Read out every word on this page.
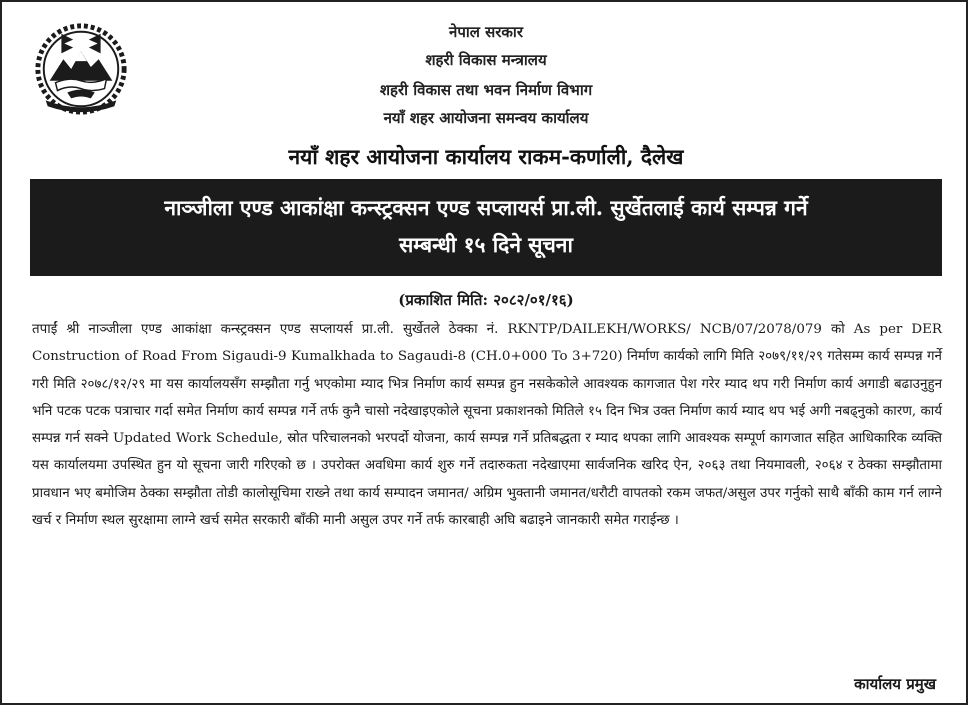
नेपाल सरकार
शहरी विकास मन्त्रालय
शहरी विकास तथा भवन निर्माण विभाग
नयाँ शहर आयोजना समन्वय कार्यालय
नयाँ शहर आयोजना कार्यालय राकम-कर्णाली, दैलेख
नाञ्जीला एण्ड आकांक्षा कन्स्ट्रक्सन एण्ड सप्लायर्स प्रा.ली. सुर्खेतलाई कार्य सम्पन्न गर्ने
सम्बन्धी १५ दिने सूचना
(प्रकाशित मिति: २०८२/०१/१६)
तपाईं श्री नाञ्जीला एण्ड आकांक्षा कन्स्ट्रक्सन एण्ड सप्लायर्स प्रा.ली. सुर्खेतले ठेक्का नं. RKNTP/DAILEKH/WORKS/ NCB/07/2078/079 को As per DER Construction of Road From Sigaudi-9 Kumalkhada to Sagaudi-8 (CH.0+000 To 3+720) निर्माण कार्यको लागि मिति २०७९/११/२९ गतेसम्म कार्य सम्पन्न गर्ने गरी मिति २०७८/१२/२९ मा यस कार्यालयसँग सम्झौता गर्नु भएकोमा म्याद भित्र निर्माण कार्य सम्पन्न हुन नसकेकोले आवश्यक कागजात पेश गरेर म्याद थप गरी निर्माण कार्य अगाडी बढाउनुहुन भनि पटक पटक पत्राचार गर्दा समेत निर्माण कार्य सम्पन्न गर्ने तर्फ कुनै चासो नदेखाइएकोले सूचना प्रकाशनको मितिले १५ दिन भित्र उक्त निर्माण कार्य म्याद थप भई अगी नबढ्नुको कारण, कार्य सम्पन्न गर्न सक्ने Updated Work Schedule, स्रोत परिचालनको भरपर्दो योजना, कार्य सम्पन्न गर्ने प्रतिबद्धता र म्याद थपका लागि आवश्यक सम्पूर्ण कागजात सहित आधिकारिक व्यक्ति यस कार्यालयमा उपस्थित हुन यो सूचना जारी गरिएको छ । उपरोक्त अवधिमा कार्य शुरु गर्ने तदारुकता नदेखाएमा सार्वजनिक खरिद ऐन, २०६३ तथा नियमावली, २०६४ र ठेक्का सम्झौतामा प्रावधान भए बमोजिम ठेक्का सम्झौता तोडी कालोसूचिमा राख्ने तथा कार्य सम्पादन जमानत/ अग्रिम भुक्तानी जमानत/धरौटी वापतको रकम जफत/असुल उपर गर्नुको साथै बाँकी काम गर्न लाग्ने खर्च र निर्माण स्थल सुरक्षामा लाग्ने खर्च समेत सरकारी बाँकी मानी असुल उपर गर्ने तर्फ कारबाही अघि बढाइने जानकारी समेत गराईन्छ ।
कार्यालय प्रमुख
